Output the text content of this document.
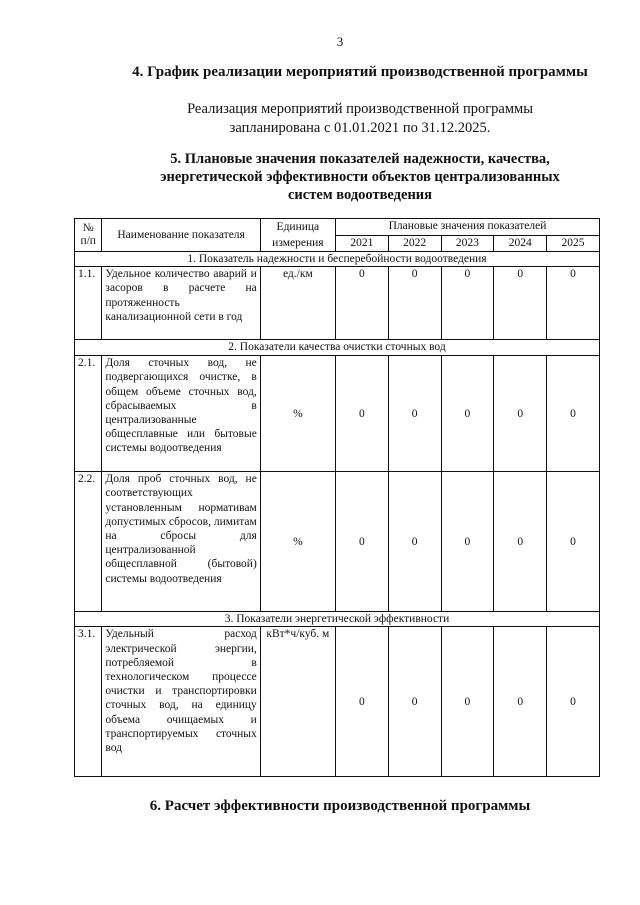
3
4. График реализации мероприятий производственной программы
Реализация мероприятий производственной программы
запланирована с 01.01.2021 по 31.12.2025.
5. Плановые значения показателей надежности, качества,
энергетической эффективности объектов централизованных
систем водоотведения
№ п/п	Наименование показателя	Единица измерения	Плановые значения показателей				
			2021	2022	2023	2024	2025
1. Показатель надежности и бесперебойности водоотведения							
1.1.	Удельное количество аварий и засоров в расчете на протяженность канализационной сети в год	ед./км	0	0	0	0	0
2. Показатели качества очистки сточных вод							
2.1.	Доля сточных вод, не подвергающихся очистке, в общем объеме сточных вод, сбрасываемых в централизованные общесплавные или бытовые системы водоотведения	%	0	0	0	0	0
2.2.	Доля проб сточных вод, не соответствующих установленным нормативам допустимых сбросов, лимитам на сбросы для централизованной общесплавной (бытовой) системы водоотведения	%	0	0	0	0	0
3. Показатели энергетической эффективности							
3.1.	Удельный расход электрической энергии, потребляемой в технологическом процессе очистки и транспортировки сточных вод, на единицу объема очищаемых и транспортируемых сточных вод	кВт*ч/куб. м	0	0	0	0	0
6. Расчет эффективности производственной программы
